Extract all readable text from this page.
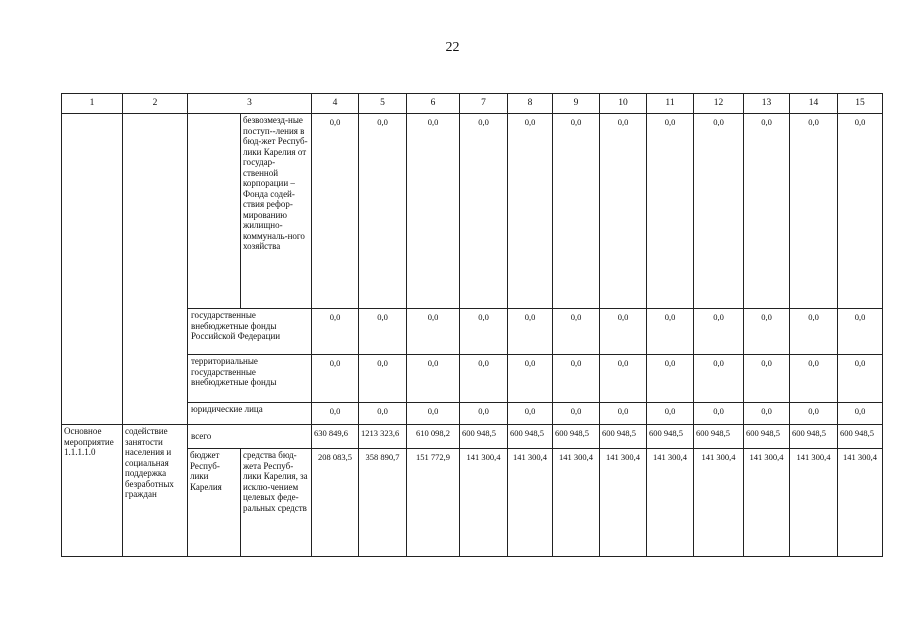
22
1	2	3		4	5	6	7	8	9	10	11	12	13	14	15
			безвозмезд-ные поступ--ления в бюд-жет Респуб-лики Карелия от государ-ственной корпорации – Фонда содей-ствия рефор-мированию жилищно-коммуналь-ного хозяйства	0,0	0,0	0,0	0,0	0,0	0,0	0,0	0,0	0,0	0,0	0,0	0,0
		государственные внебюджетные фонды Российской Федерации		0,0	0,0	0,0	0,0	0,0	0,0	0,0	0,0	0,0	0,0	0,0	0,0
		территориальные государственные внебюджетные фонды		0,0	0,0	0,0	0,0	0,0	0,0	0,0	0,0	0,0	0,0	0,0	0,0
		юридические лица		0,0	0,0	0,0	0,0	0,0	0,0	0,0	0,0	0,0	0,0	0,0	0,0
Основное мероприятие 1.1.1.1.0	содействие занятости населения и социальная поддержка безработных граждан	всего		630 849,6	1213 323,6	610 098,2	600 948,5	600 948,5	600 948,5	600 948,5	600 948,5	600 948,5	600 948,5	600 948,5	600 948,5
		бюджет Респуб-лики Карелия	средства бюд-жета Респуб-лики Карелия, за исклю-чением целевых феде-ральных средств	208 083,5	358 890,7	151 772,9	141 300,4	141 300,4	141 300,4	141 300,4	141 300,4	141 300,4	141 300,4	141 300,4	141 300,4
